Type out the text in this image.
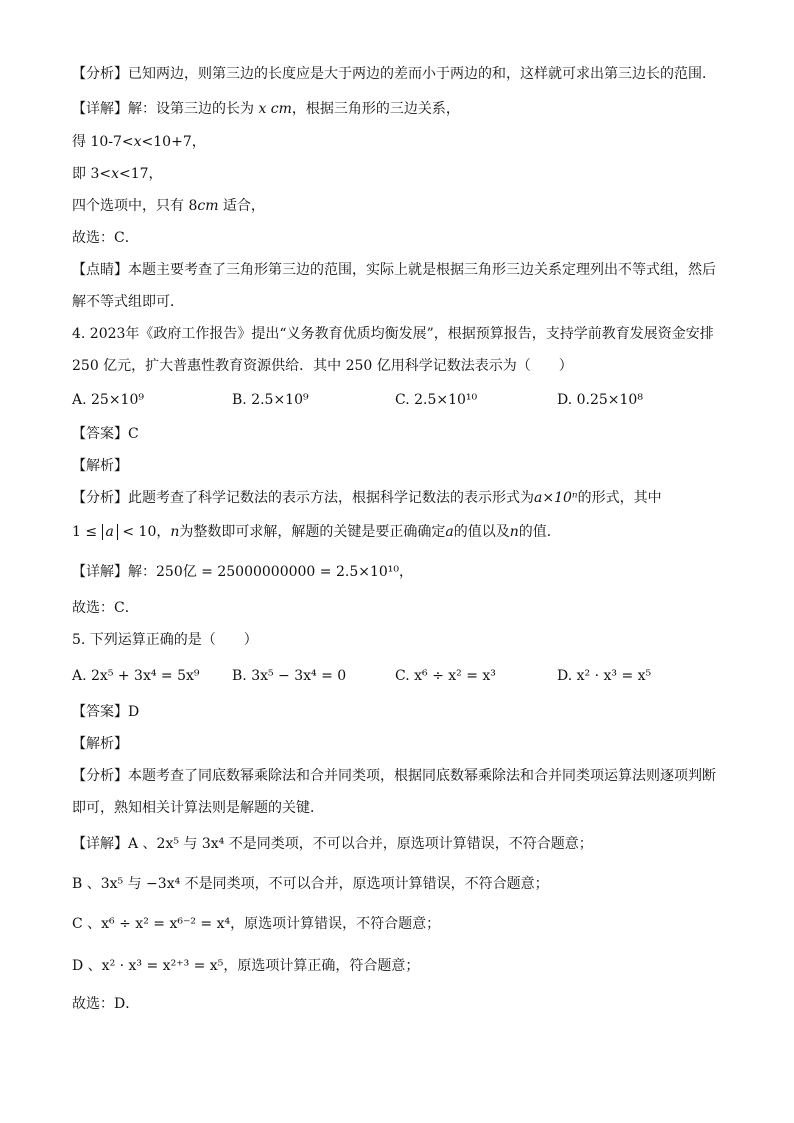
【分析】已知两边，则第三边的长度应是大于两边的差而小于两边的和，这样就可求出第三边长的范围．
【详解】解：设第三边的长为 x cm，根据三角形的三边关系，
得 10-7<x<10+7，
即 3<x<17，
四个选项中，只有 8cm 适合，
故选：C．
【点睛】本题主要考查了三角形第三边的范围，实际上就是根据三角形三边关系定理列出不等式组，然后
解不等式组即可．
4. 2023年《政府工作报告》提出“义务教育优质均衡发展”，根据预算报告，支持学前教育发展资金安排
250 亿元，扩大普惠性教育资源供给．其中 250 亿用科学记数法表示为（　　）
A. 25×10⁹	B. 2.5×10⁹	C. 2.5×10¹⁰	D. 0.25×10⁸
【答案】C
【解析】
【分析】此题考查了科学记数法的表示方法，根据科学记数法的表示形式为a×10ⁿ的形式，其中
1 ≤ a < 10，n为整数即可求解，解题的关键是要正确确定a的值以及n的值．
【详解】解：250亿 = 25000000000 = 2.5×10¹⁰，
故选：C．
5. 下列运算正确的是（　　）
A. 2x⁵ + 3x⁴ = 5x⁹	B. 3x⁵ − 3x⁴ = 0	C. x⁶ ÷ x² = x³	D. x² · x³ = x⁵
【答案】D
【解析】
【分析】本题考查了同底数幂乘除法和合并同类项，根据同底数幂乘除法和合并同类项运算法则逐项判断
即可，熟知相关计算法则是解题的关键．
【详解】A 、2x⁵ 与 3x⁴ 不是同类项，不可以合并，原选项计算错误，不符合题意；
B 、3x⁵ 与 −3x⁴ 不是同类项，不可以合并，原选项计算错误，不符合题意；
C 、x⁶ ÷ x² = x⁶⁻² = x⁴，原选项计算错误，不符合题意；
D 、x² · x³ = x²⁺³ = x⁵，原选项计算正确，符合题意；
故选：D．
